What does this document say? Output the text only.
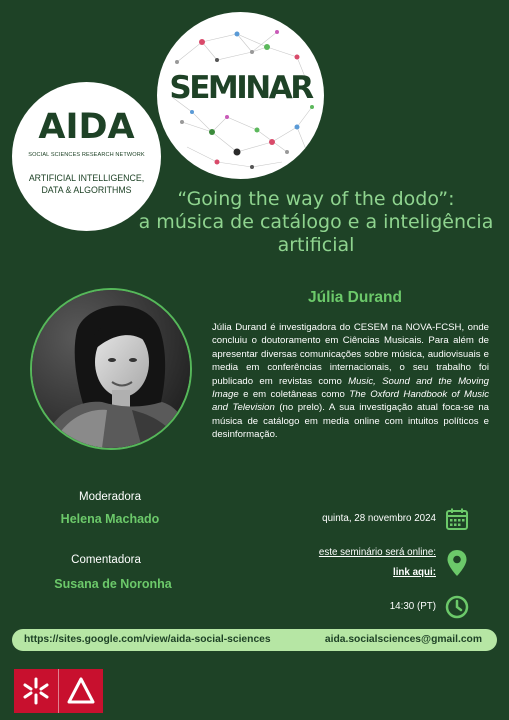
SEMINAR
AIDA
SOCIAL SCIENCES RESEARCH NETWORK
ARTIFICIAL INTELLIGENCE,
DATA & ALGORITHMS	“Going the way of the dodo”:
a música de catálogo e a inteligência
artificial
Júlia Durand
Júlia Durand é investigadora do CESEM na NOVA-FCSH, onde concluiu o doutoramento em Ciências Musicais. Para além de apresentar diversas comunicações sobre música, audiovisuais e media em conferências internacionais, o seu trabalho foi publicado em revistas como Music, Sound and the Moving Image e em coletâneas como The Oxford Handbook of Music and Television (no prelo). A sua investigação atual foca-se na música de catálogo em media online com intuitos políticos e desinformação.
Moderadora
Helena Machado
Comentadora
Susana de Noronha
quinta, 28 novembro 2024
este seminário será online:
link aqui:
14:30 (PT)
https://sites.google.com/view/aida-social-sciences	aida.socialsciences@gmail.com
